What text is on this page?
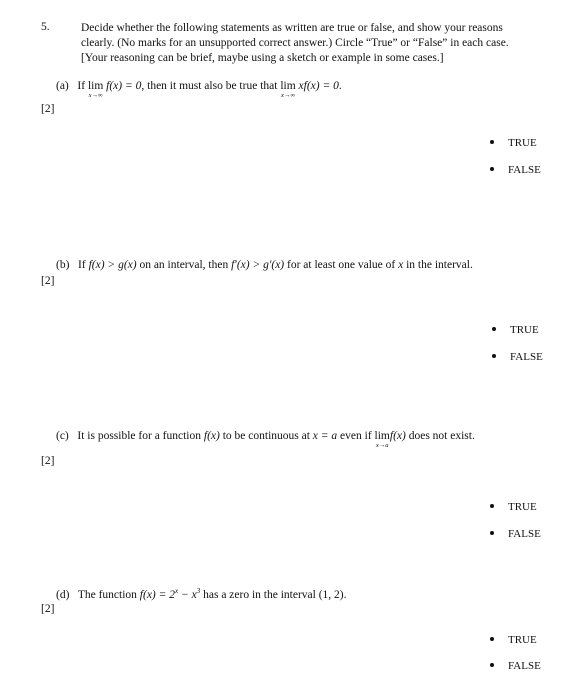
5.	Decide whether the following statements as written are true or false, and show your reasons
clearly. (No marks for an unsupported correct answer.) Circle “True” or “False” in each case.
[Your reasoning can be brief, maybe using a sketch or example in some cases.]
(a) If lim
x→∞
f(x) = 0, then it must also be true that lim
x→∞
xf(x) = 0.
[2]
TRUE
FALSE
(b) If f(x) > g(x) on an interval, then f′(x) > g′(x) for at least one value of x in the interval.
[2]
TRUE
FALSE
(c) It is possible for a function f(x) to be continuous at x = a even if lim
x→a
f(x) does not exist.
[2]
TRUE
FALSE
(d) The function $f(x) = 2^x - x^3$ has a zero in the interval (1, 2).
[2]
TRUE
FALSE
